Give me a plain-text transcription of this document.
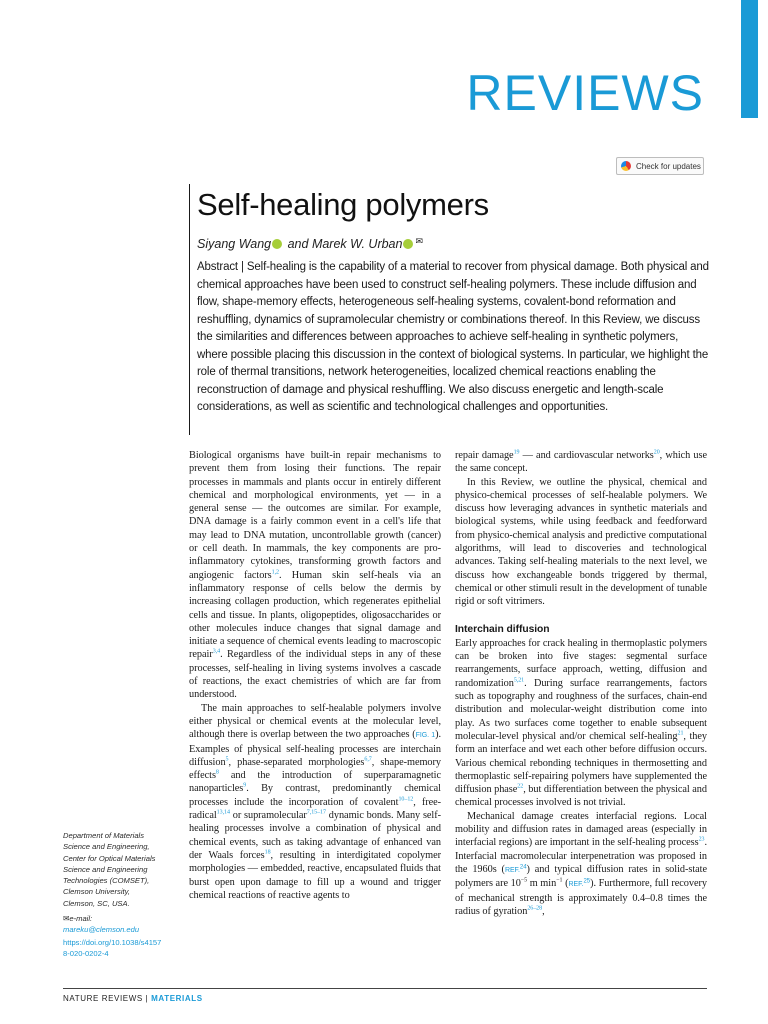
REVIEWS
Check for updates
Self-healing polymers
Siyang Wang and Marek W. Urban ✉
Abstract | Self-healing is the capability of a material to recover from physical damage. Both physical and chemical approaches have been used to construct self-healing polymers. These include diffusion and flow, shape-memory effects, heterogeneous self-healing systems, covalent-bond reformation and reshuffling, dynamics of supramolecular chemistry or combinations thereof. In this Review, we discuss the similarities and differences between approaches to achieve self-healing in synthetic polymers, where possible placing this discussion in the context of biological systems. In particular, we highlight the role of thermal transitions, network heterogeneities, localized chemical reactions enabling the reconstruction of damage and physical reshuffling. We also discuss energetic and length-scale considerations, as well as scientific and technological challenges and opportunities.

Biological organisms have built-in repair mechanisms to prevent them from losing their functions. The repair processes in mammals and plants occur in entirely different chemical and morphological environments, yet — in a general sense — the outcomes are similar. For example, DNA damage is a fairly common event in a cell's life that may lead to DNA mutation, uncontrollable growth (cancer) or cell death. In mammals, the key components are pro-inflammatory cytokines, transforming growth factors and angiogenic factors$^{1,2}$. Human skin self-heals via an inflammatory response of cells below the dermis by increasing collagen production, which regenerates epithelial cells and tissue. In plants, oligopeptides, oligosaccharides or other molecules induce changes that signal damage and initiate a sequence of chemical events leading to macroscopic repair$^{3,4}$. Regardless of the individual steps in any of these processes, self-healing in living systems involves a cascade of reactions, the exact chemistries of which are far from understood.

The main approaches to self-healable polymers involve either physical or chemical events at the molecular level, although there is overlap between the two approaches (FIG. 1). Examples of physical self-healing processes are interchain diffusion$^5$, phase-separated morphologies$^{6,7}$, shape-memory effects$^8$ and the introduction of superparamagnetic nanoparticles$^9$. By contrast, predominantly chemical processes include the incorporation of covalent$^{10-12}$, free-radical$^{13,14}$ or supramolecular$^{7,15-17}$ dynamic bonds. Many self-healing processes involve a combination of physical and chemical events, such as taking advantage of enhanced van der Waals forces$^{18}$, resulting in interdigitated copolymer morphologies — embedded, reactive, encapsulated fluids that burst open upon damage to fill up a wound and trigger chemical reactions of reactive agents to

repair damage$^{19}$ — and cardiovascular networks$^{20}$, which use the same concept.

In this Review, we outline the physical, chemical and physico-chemical processes of self-healable polymers. We discuss how leveraging advances in synthetic materials and biological systems, while using feedback and feedforward from physico-chemical analysis and predictive computational algorithms, will lead to discoveries and technological advances. Taking self-healing materials to the next level, we discuss how exchangeable bonds triggered by thermal, chemical or other stimuli result in the development of tunable rigid or soft vitrimers.

Interchain diffusion

Early approaches for crack healing in thermoplastic polymers can be broken into five stages: segmental surface rearrangements, surface approach, wetting, diffusion and randomization$^{5,21}$. During surface rearrangements, factors such as topography and roughness of the surfaces, chain-end distribution and molecular-weight distribution come into play. As two surfaces come together to enable subsequent molecular-level physical and/or chemical self-healing$^{21}$, they form an interface and wet each other before diffusion occurs. Various chemical rebonding techniques in thermosetting and thermoplastic self-repairing polymers have supplemented the diffusion phase$^{22}$, but differentiation between the physical and chemical processes involved is not trivial.

Mechanical damage creates interfacial regions. Local mobility and diffusion rates in damaged areas (especially in interfacial regions) are important in the self-healing process$^{23}$. Interfacial macromolecular interpenetration was proposed in the 1960s (REF.$^{24}$) and typical diffusion rates in solid-state polymers are $10^{-5}$ m $\min^{-1} (REF.^{25})$. Furthermore, full recovery of mechanical strength is approximately 0.4–0.8 times the radius of gyration$^{26-28}$,

Department of Materials Science and Engineering, Center for Optical Materials Science and Engineering Technologies (COMSET), Clemson University, Clemson, SC, USA.
✉e-mail: mareku@clemson.edu
https://doi.org/10.1038/s41578-020-0202-4
NATURE REVIEWS | MATERIALS
